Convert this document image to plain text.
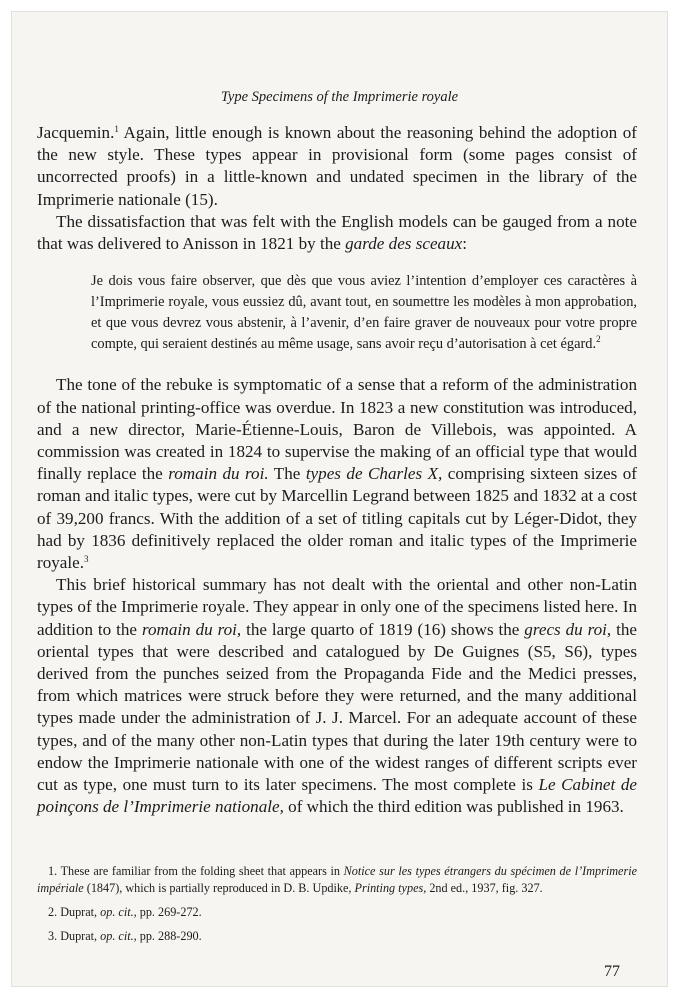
Type Specimens of the Imprimerie royale

Jacquemin.$^1$ Again, little enough is known about the reasoning behind the adoption of the new style. These types appear in provisional form (some pages consist of uncorrected proofs) in a little-known and undated specimen in the library of the Imprimerie nationale (15).

The dissatisfaction that was felt with the English models can be gauged from a note that was delivered to Anisson in 1821 by the garde des sceaux:

Je dois vous faire observer, que dès que vous aviez l’intention d’employer ces caractères à l’Imprimerie royale, vous eussiez dû, avant tout, en soumettre les modèles à mon approbation, et que vous devrez vous abstenir, à l’avenir, d’en faire graver de nouveaux pour votre propre compte, qui seraient destinés au même usage, sans avoir reçu d’autorisation à cet égard.$^2$

The tone of the rebuke is symptomatic of a sense that a reform of the administration of the national printing-office was overdue. In 1823 a new constitution was introduced, and a new director, Marie-Étienne-Louis, Baron de Villebois, was appointed. A commission was created in 1824 to supervise the making of an official type that would finally replace the romain du roi. The types de Charles X, comprising sixteen sizes of roman and italic types, were cut by Marcellin Legrand between 1825 and 1832 at a cost of 39,200 francs. With the addition of a set of titling capitals cut by Léger-Didot, they had by 1836 definitively replaced the older roman and italic types of the Imprimerie royale.$^3$

This brief historical summary has not dealt with the oriental and other non-Latin types of the Imprimerie royale. They appear in only one of the specimens listed here. In addition to the romain du roi, the large quarto of 1819 (16) shows the grecs du roi, the oriental types that were described and catalogued by De Guignes (S5, S6), types derived from the punches seized from the Propaganda Fide and the Medici presses, from which matrices were struck before they were returned, and the many additional types made under the administration of J. J. Marcel. For an adequate account of these types, and of the many other non-Latin types that during the later 19th century were to endow the Imprimerie nationale with one of the widest ranges of different scripts ever cut as type, one must turn to its later specimens. The most complete is Le Cabinet de poinçons de l’Imprimerie nationale, of which the third edition was published in 1963.

1. These are familiar from the folding sheet that appears in Notice sur les types étrangers du spécimen de l’Imprimerie impériale (1847), which is partially reproduced in D. B. Updike, Printing types, 2nd ed., 1937, fig. 327.

2. Duprat, op. cit., pp. 269-272.

3. Duprat, op. cit., pp. 288-290.

77
